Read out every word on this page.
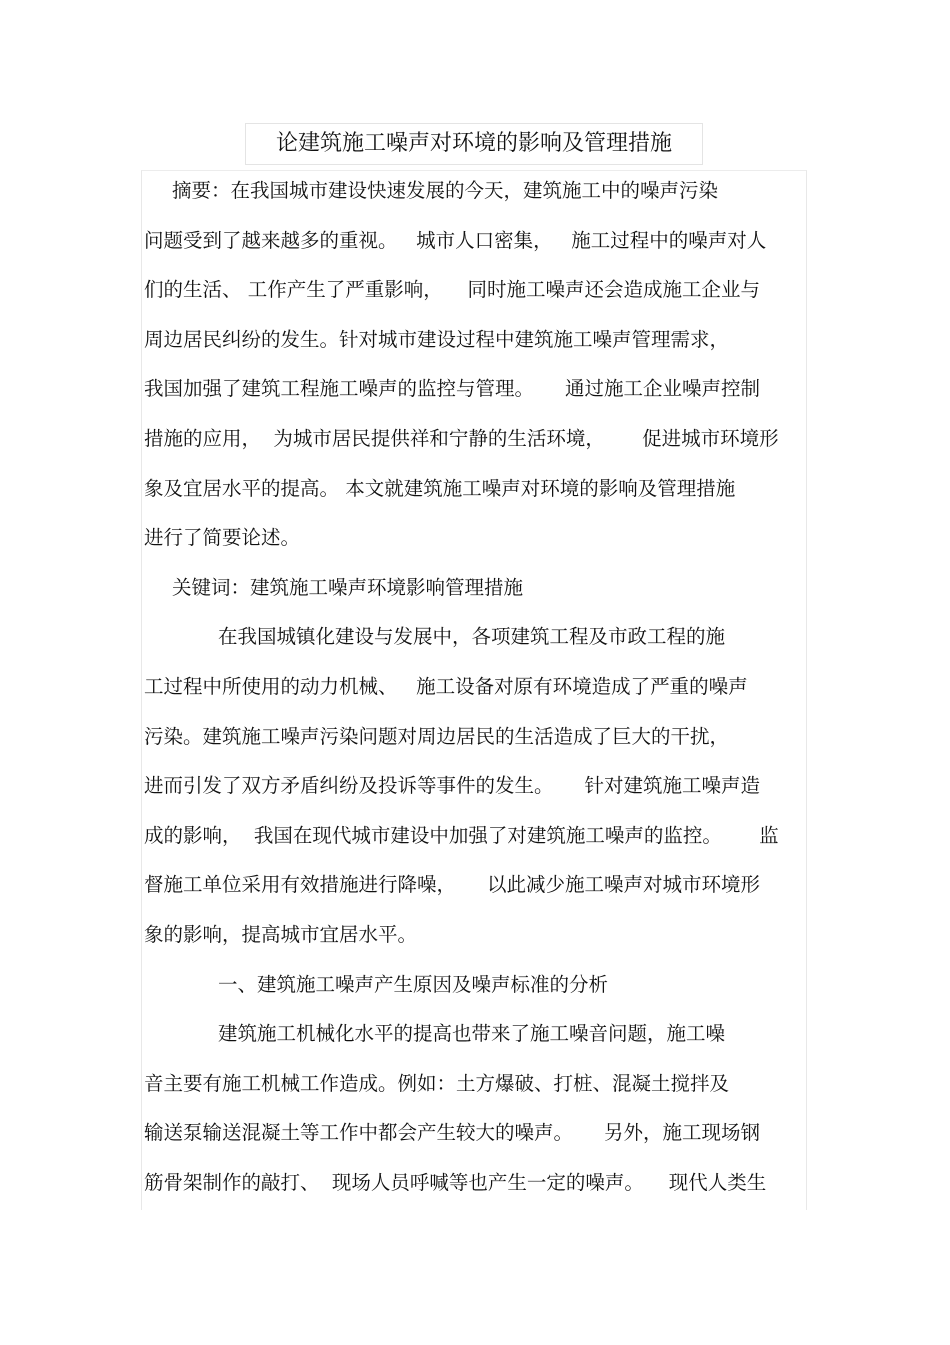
论建筑施工噪声对环境的影响及管理措施
摘要：在我国城市建设快速发展的今天，建筑施工中的噪声污染
问题受到了越来越多的重视。   城市人口密集，   施工过程中的噪声对人
们的生活、 工作产生了严重影响，    同时施工噪声还会造成施工企业与
周边居民纠纷的发生。针对城市建设过程中建筑施工噪声管理需求，
我国加强了建筑工程施工噪声的监控与管理。     通过施工企业噪声控制
措施的应用，  为城市居民提供祥和宁静的生活环境，      促进城市环境形
象及宜居水平的提高。 本文就建筑施工噪声对环境的影响及管理措施
进行了简要论述。
关键词：建筑施工噪声环境影响管理措施
在我国城镇化建设与发展中，各项建筑工程及市政工程的施
工过程中所使用的动力机械、   施工设备对原有环境造成了严重的噪声
污染。建筑施工噪声污染问题对周边居民的生活造成了巨大的干扰，
进而引发了双方矛盾纠纷及投诉等事件的发生。     针对建筑施工噪声造
成的影响，  我国在现代城市建设中加强了对建筑施工噪声的监控。      监
督施工单位采用有效措施进行降噪，     以此减少施工噪声对城市环境形
象的影响，提高城市宜居水平。
一、建筑施工噪声产生原因及噪声标准的分析
建筑施工机械化水平的提高也带来了施工噪音问题，施工噪
音主要有施工机械工作造成。例如：土方爆破、打桩、混凝土搅拌及
输送泵输送混凝土等工作中都会产生较大的噪声。     另外，施工现场钢
筋骨架制作的敲打、  现场人员呼喊等也产生一定的噪声。    现代人类生
